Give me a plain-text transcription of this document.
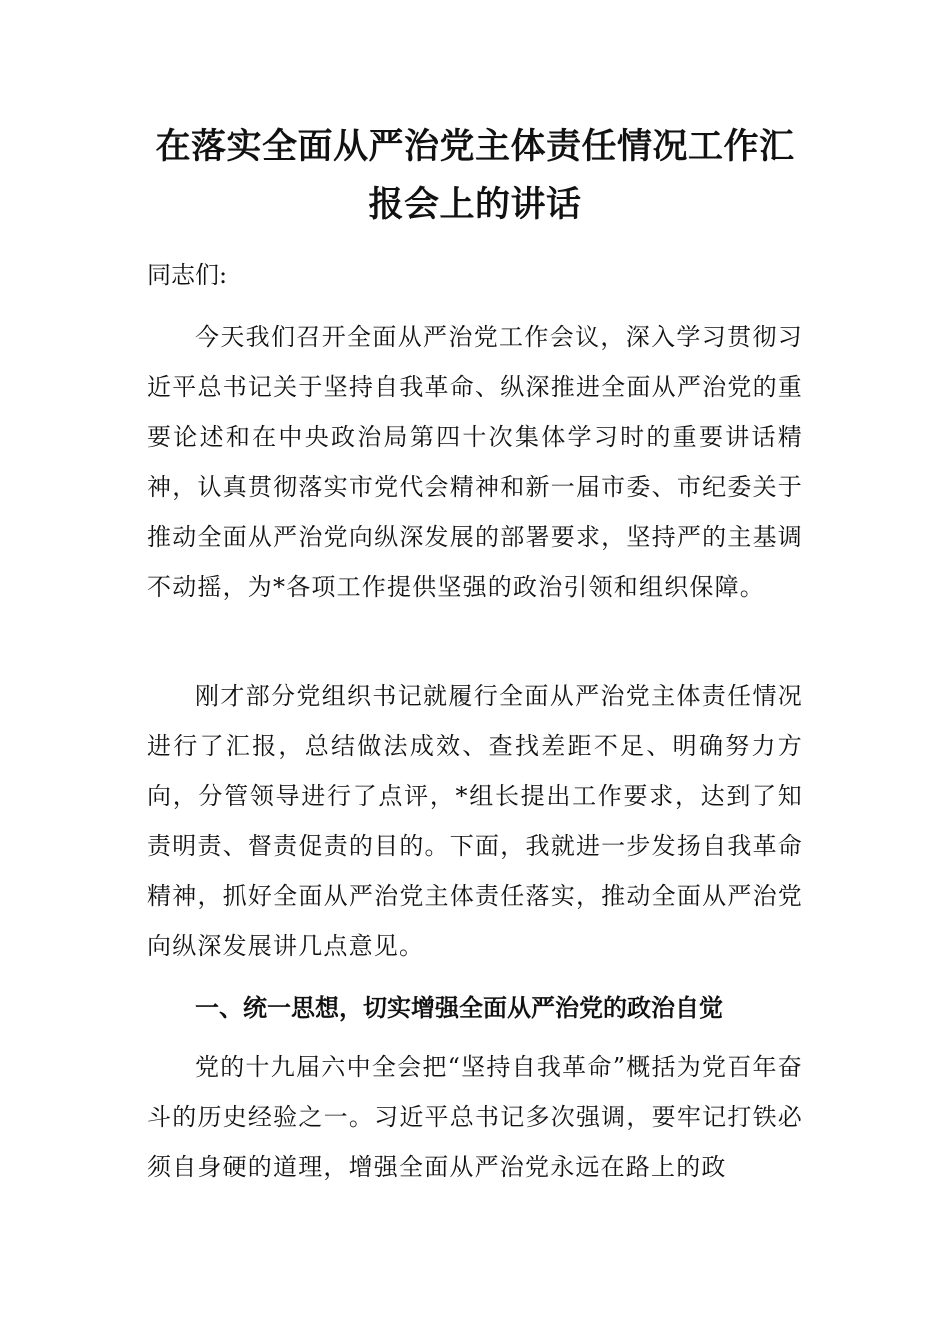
在落实全面从严治党主体责任情况工作汇
报会上的讲话

同志们:

今天我们召开全面从严治党工作会议，深入学习贯彻习近平总书记关于坚持自我革命、纵深推进全面从严治党的重要论述和在中央政治局第四十次集体学习时的重要讲话精神，认真贯彻落实市党代会精神和新一届市委、市纪委关于推动全面从严治党向纵深发展的部署要求，坚持严的主基调不动摇，为*各项工作提供坚强的政治引领和组织保障。

刚才部分党组织书记就履行全面从严治党主体责任情况进行了汇报，总结做法成效、查找差距不足、明确努力方向，分管领导进行了点评，*组长提出工作要求，达到了知责明责、督责促责的目的。下面，我就进一步发扬自我革命精神，抓好全面从严治党主体责任落实，推动全面从严治党向纵深发展讲几点意见。

一、统一思想，切实增强全面从严治党的政治自觉

党的十九届六中全会把“坚持自我革命”概括为党百年奋斗的历史经验之一。习近平总书记多次强调，要牢记打铁必须自身硬的道理，增强全面从严治党永远在路上的政
